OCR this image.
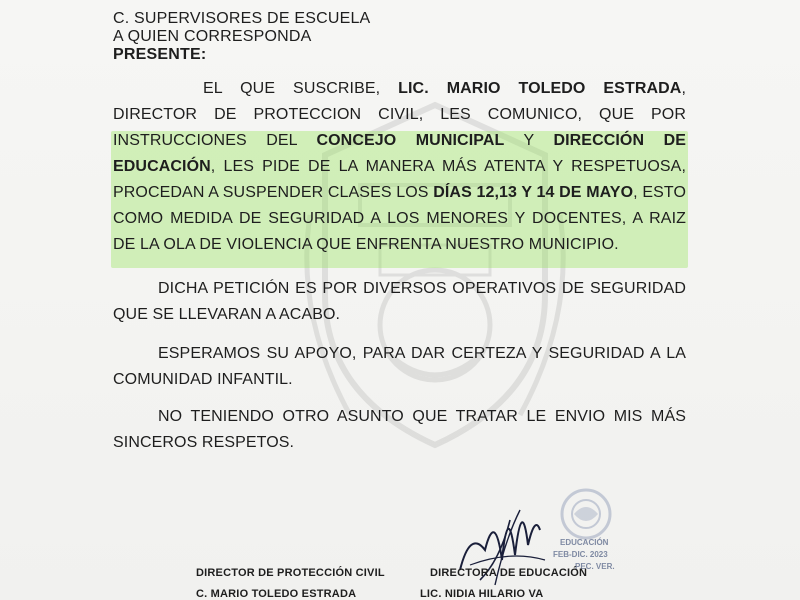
C. SUPERVISORES DE ESCUELA
A QUIEN CORRESPONDA
PRESENTE:

EL QUE SUSCRIBE, LIC. MARIO TOLEDO ESTRADA, DIRECTOR DE PROTECCION CIVIL, LES COMUNICO, QUE POR INSTRUCCIONES DEL CONCEJO MUNICIPAL Y DIRECCIÓN DE EDUCACIÓN, LES PIDE DE LA MANERA MÁS ATENTA Y RESPETUOSA, PROCEDAN A SUSPENDER CLASES LOS DÍAS 12,13 Y 14 DE MAYO, ESTO COMO MEDIDA DE SEGURIDAD A LOS MENORES Y DOCENTES, A RAIZ DE LA OLA DE VIOLENCIA QUE ENFRENTA NUESTRO MUNICIPIO.

DICHA PETICIÓN ES POR DIVERSOS OPERATIVOS DE SEGURIDAD QUE SE LLEVARAN A ACABO.

ESPERAMOS SU APOYO, PARA DAR CERTEZA Y SEGURIDAD A LA COMUNIDAD INFANTIL.

NO TENIENDO OTRO ASUNTO QUE TRATAR LE ENVIO MIS MÁS SINCEROS RESPETOS.

EDUCACIÓN
FEB-DIC. 2023
PEC. VER.
DIRECTOR DE PROTECCIÓN CIVIL
C. MARIO TOLEDO ESTRADA
DIRECTORA DE EDUCACIÓN
LIC. NIDIA HILARIO VA
